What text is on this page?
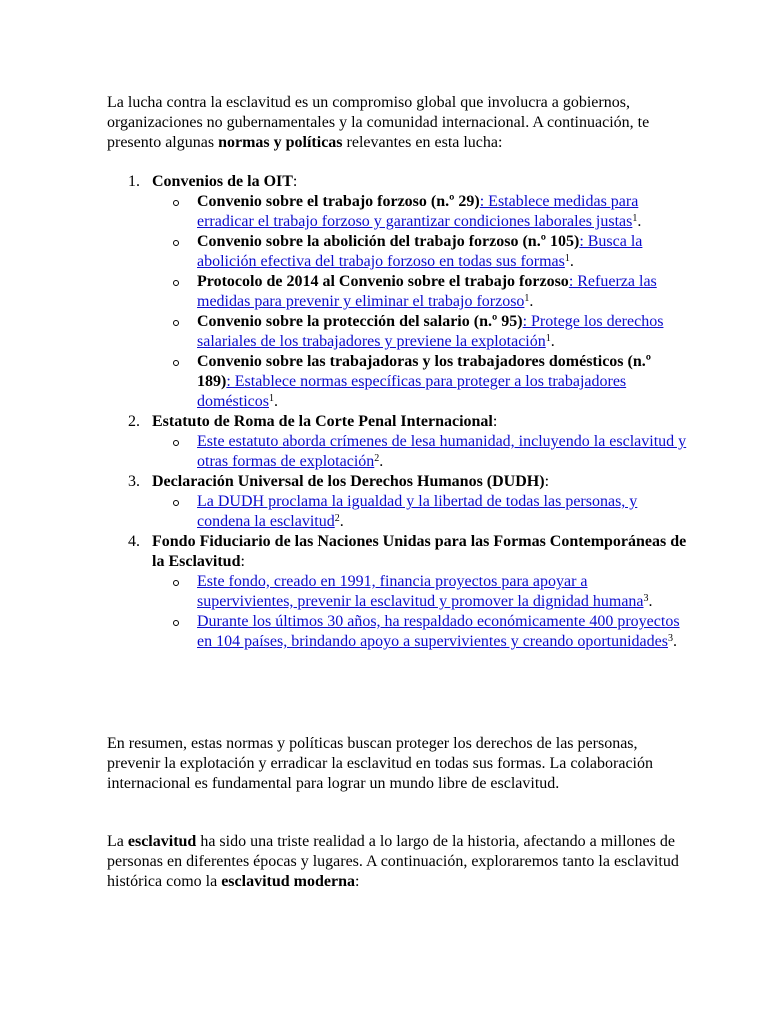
La lucha contra la esclavitud es un compromiso global que involucra a gobiernos, organizaciones no gubernamentales y la comunidad internacional. A continuación, te presento algunas normas y políticas relevantes en esta lucha:

1. Convenios de la OIT:
Convenio sobre el trabajo forzoso (n.º 29): Establece medidas para erradicar el trabajo forzoso y garantizar condiciones laborales justas$^1$.
Convenio sobre la abolición del trabajo forzoso (n.º 105): Busca la abolición efectiva del trabajo forzoso en todas sus formas$^1$.
Protocolo de 2014 al Convenio sobre el trabajo forzoso: Refuerza las medidas para prevenir y eliminar el trabajo forzoso$^1$.
Convenio sobre la protección del salario (n.º 95): Protege los derechos salariales de los trabajadores y previene la explotación$^1$.
Convenio sobre las trabajadoras y los trabajadores domésticos (n.º 189): Establece normas específicas para proteger a los trabajadores domésticos$^1$.
2. Estatuto de Roma de la Corte Penal Internacional:
Este estatuto aborda crímenes de lesa humanidad, incluyendo la esclavitud y otras formas de explotación$^2$.
3. Declaración Universal de los Derechos Humanos (DUDH):
La DUDH proclama la igualdad y la libertad de todas las personas, y condena la esclavitud$^2$.
4. Fondo Fiduciario de las Naciones Unidas para las Formas Contemporáneas de la Esclavitud:
Este fondo, creado en 1991, financia proyectos para apoyar a supervivientes, prevenir la esclavitud y promover la dignidad humana$^3$.
Durante los últimos 30 años, ha respaldado económicamente 400 proyectos en 104 países, brindando apoyo a supervivientes y creando oportunidades$^3$.

En resumen, estas normas y políticas buscan proteger los derechos de las personas, prevenir la explotación y erradicar la esclavitud en todas sus formas. La colaboración internacional es fundamental para lograr un mundo libre de esclavitud.

La esclavitud ha sido una triste realidad a lo largo de la historia, afectando a millones de personas en diferentes épocas y lugares. A continuación, exploraremos tanto la esclavitud histórica como la esclavitud moderna:
